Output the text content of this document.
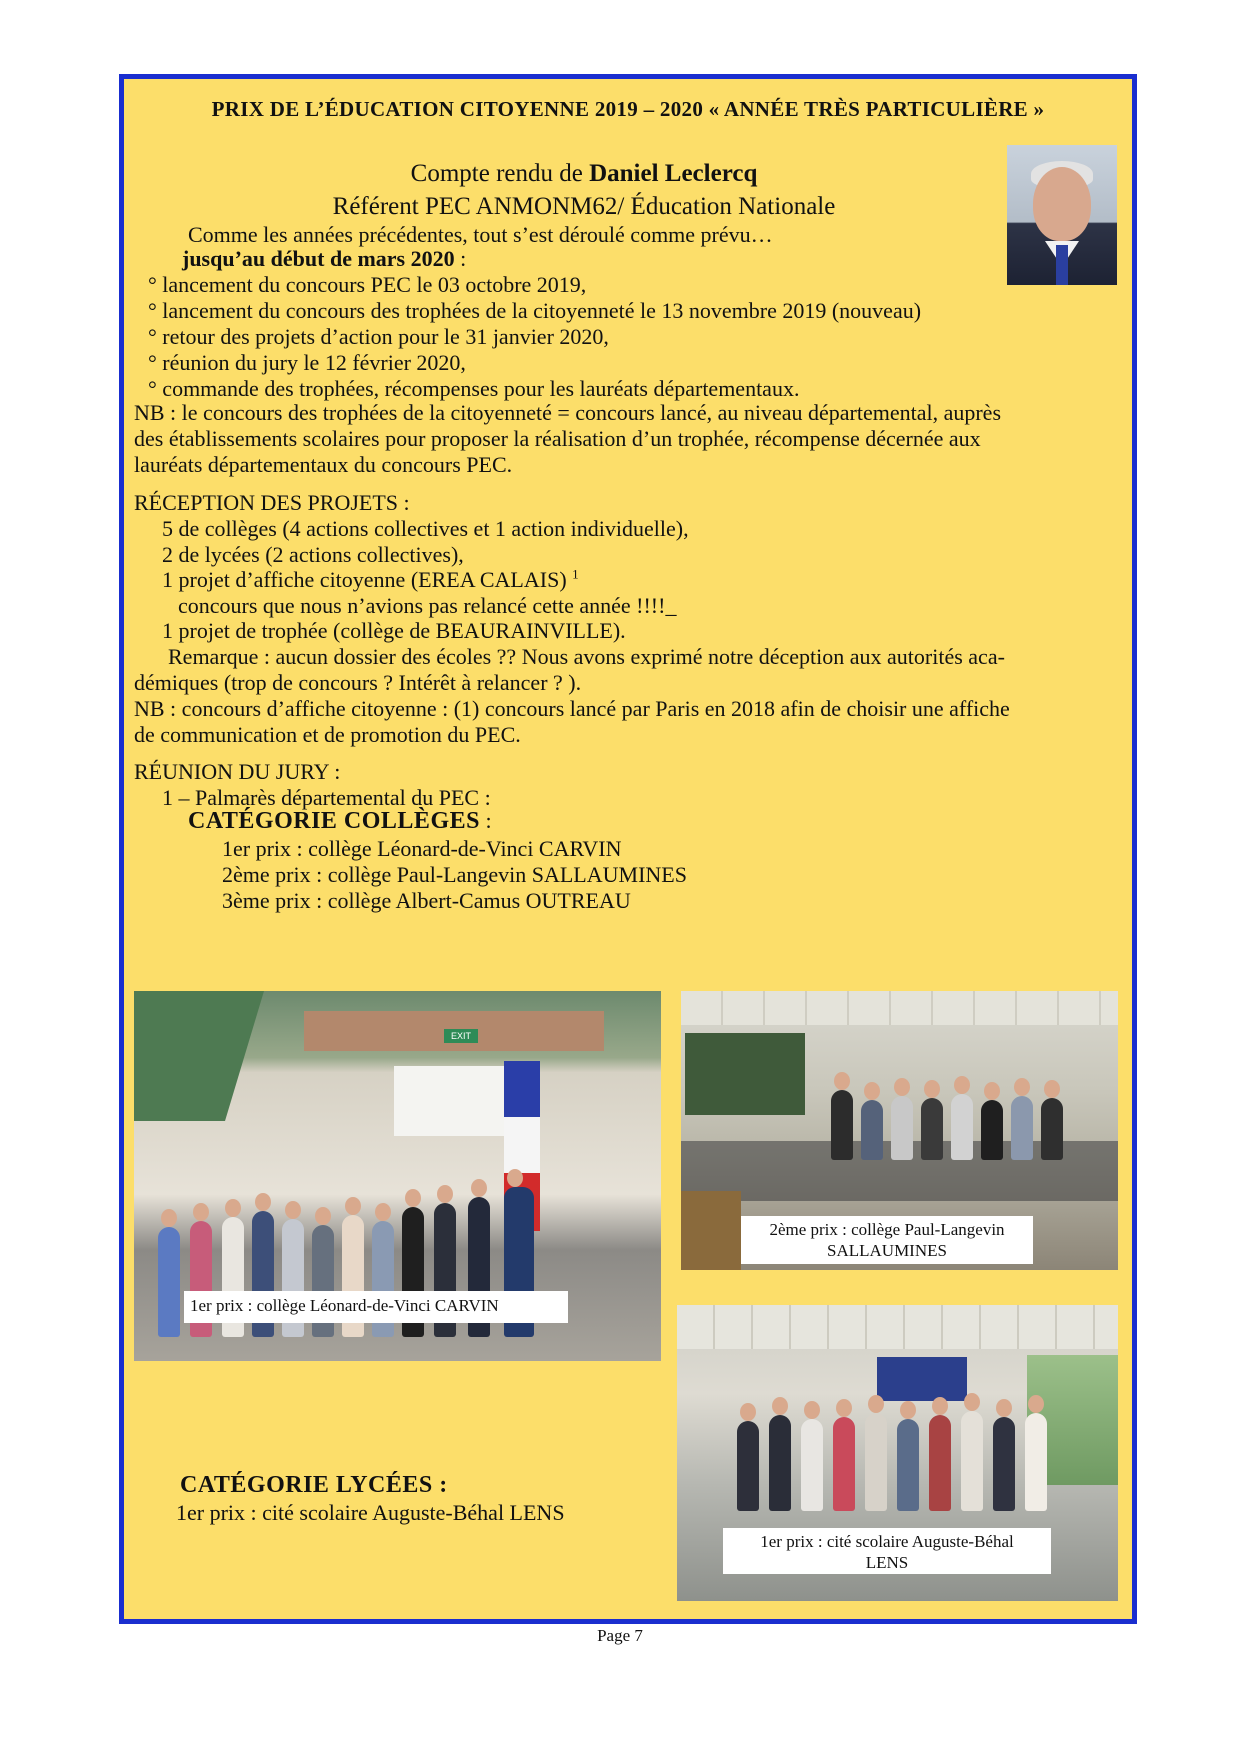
PRIX DE L’ÉDUCATION CITOYENNE 2019 – 2020 « ANNÉE TRÈS PARTICULIÈRE »
Compte rendu de Daniel Leclercq
Référent PEC ANMONM62/ Éducation Nationale
Comme les années précédentes, tout s’est déroulé comme prévu…
jusqu’au début de mars 2020 :
° lancement du concours PEC le 03 octobre 2019,
° lancement du concours des trophées de la citoyenneté le 13 novembre 2019 (nouveau)
° retour des projets d’action pour le 31 janvier 2020,
° réunion du jury le 12 février 2020,
° commande des trophées, récompenses pour les lauréats départementaux.
NB : le concours des trophées de la citoyenneté = concours lancé, au niveau départemental, auprès
des établissements scolaires pour proposer la réalisation d’un trophée, récompense décernée aux
lauréats départementaux du concours PEC.
RÉCEPTION DES PROJETS :
5 de collèges (4 actions collectives et 1 action individuelle),
2 de lycées (2 actions collectives),
1 projet d’affiche citoyenne (EREA CALAIS) $^1$
concours que nous n’avions pas relancé cette année !!!!_
1 projet de trophée (collège de BEAURAINVILLE).
Remarque : aucun dossier des écoles ?? Nous avons exprimé notre déception aux autorités aca-
démiques (trop de concours ? Intérêt à relancer ? ).
NB : concours d’affiche citoyenne : (1) concours lancé par Paris en 2018 afin de choisir une affiche
de communication et de promotion du PEC.
RÉUNION DU JURY :
1 – Palmarès départemental du PEC :
CATÉGORIE COLLÈGES :
1er prix : collège Léonard-de-Vinci CARVIN
2ème prix : collège Paul-Langevin SALLAUMINES
3ème prix : collège Albert-Camus OUTREAU
EXIT
1er prix : collège Léonard-de-Vinci CARVIN
2ème prix : collège Paul-Langevin
SALLAUMINES
1er prix : cité scolaire Auguste-Béhal
LENS
CATÉGORIE LYCÉES :
1er prix : cité scolaire Auguste-Béhal LENS
Page 7
